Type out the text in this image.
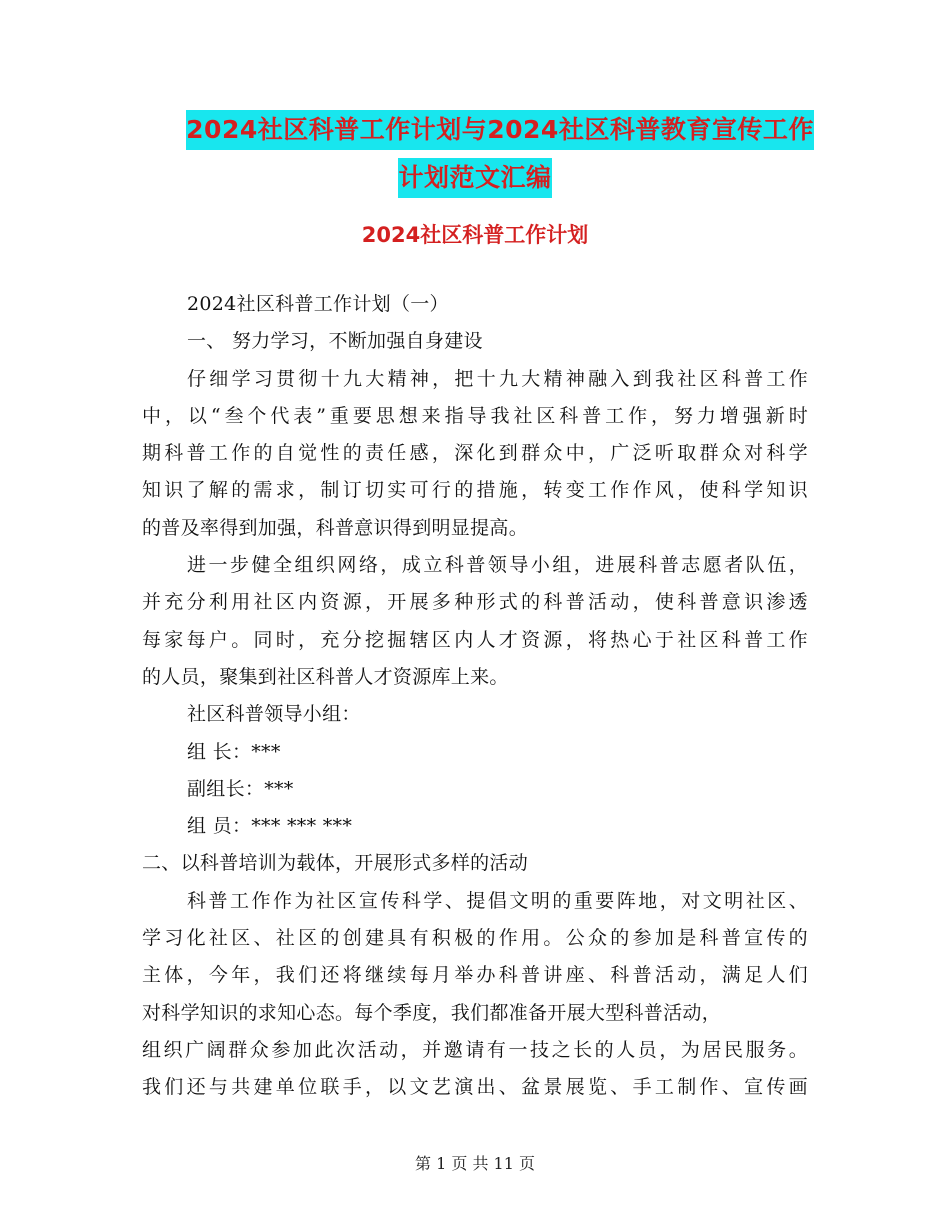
2024社区科普工作计划与2024社区科普教育宣传工作
计划范文汇编
2024社区科普工作计划
2024社区科普工作计划（一）
一、 努力学习，不断加强自身建设
仔细学习贯彻十九大精神，把十九大精神融入到我社区科普工作
中，以“叁个代表”重要思想来指导我社区科普工作，努力增强新时
期科普工作的自觉性的责任感，深化到群众中，广泛听取群众对科学
知识了解的需求，制订切实可行的措施，转变工作作风，使科学知识
的普及率得到加强，科普意识得到明显提高。
进一步健全组织网络，成立科普领导小组，进展科普志愿者队伍，
并充分利用社区内资源，开展多种形式的科普活动，使科普意识渗透
每家每户。同时，充分挖掘辖区内人才资源，将热心于社区科普工作
的人员，聚集到社区科普人才资源库上来。
社区科普领导小组：
组 长：***
副组长：***
组 员：*** *** ***
二、以科普培训为载体，开展形式多样的活动
科普工作作为社区宣传科学、提倡文明的重要阵地，对文明社区、
学习化社区、社区的创建具有积极的作用。公众的参加是科普宣传的
主体，今年，我们还将继续每月举办科普讲座、科普活动，满足人们
对科学知识的求知心态。每个季度，我们都准备开展大型科普活动，
组织广阔群众参加此次活动，并邀请有一技之长的人员，为居民服务。
我们还与共建单位联手，以文艺演出、盆景展览、手工制作、宣传画
第 1 页 共 11 页
